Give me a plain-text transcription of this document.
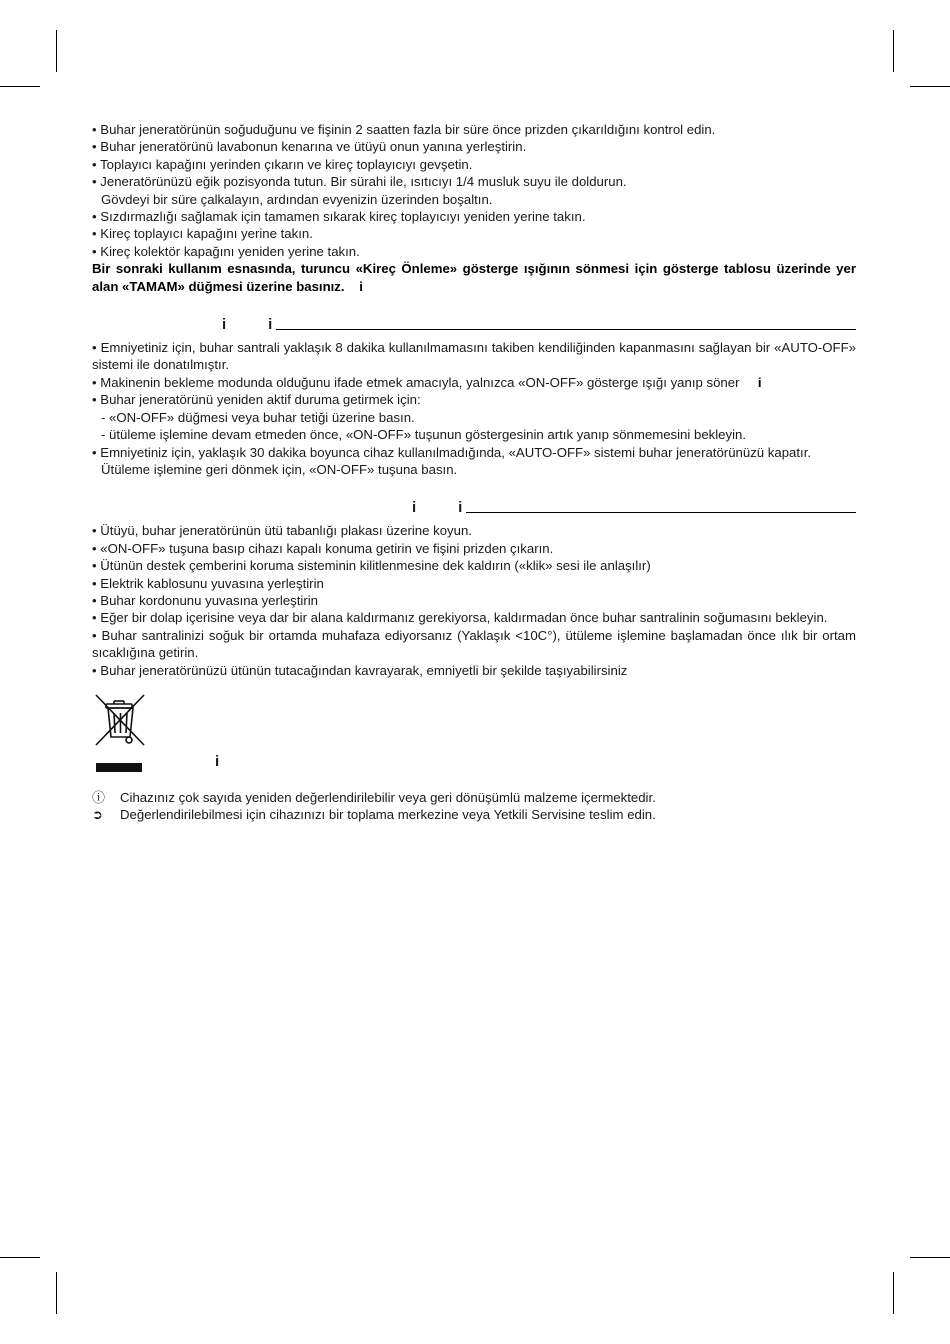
• Buhar jeneratörünün soğuduğunu ve fişinin 2 saatten fazla bir süre önce prizden çıkarıldığını kontrol edin.

• Buhar jeneratörünü lavabonun kenarına ve ütüyü onun yanına yerleştirin.

• Toplayıcı kapağını yerinden çıkarın ve kireç toplayıcıyı gevşetin.

• Jeneratörünüzü eğik pozisyonda tutun. Bir sürahi ile, ısıtıcıyı 1/4 musluk suyu ile doldurun.

Gövdeyi bir süre çalkalayın, ardından evyenizin üzerinden boşaltın.

• Sızdırmazlığı sağlamak için tamamen sıkarak kireç toplayıcıyı yeniden yerine takın.

• Kireç toplayıcı kapağını yerine takın.

• Kireç kolektör kapağını yeniden yerine takın.

Bir sonraki kullanım esnasında, turuncu «Kireç Önleme» gösterge ışığının sönmesi için gösterge tablosu üzerinde yer alan «TAMAM» düğmesi üzerine basınız. i

i	i

• Emniyetiniz için, buhar santrali yaklaşık 8 dakika kullanılmamasını takiben kendiliğinden kapanmasını sağlayan bir «AUTO-OFF» sistemi ile donatılmıştır.

• Makinenin bekleme modunda olduğunu ifade etmek amacıyla, yalnızca «ON-OFF» gösterge ışığı yanıp söner i

• Buhar jeneratörünü yeniden aktif duruma getirmek için:

- «ON-OFF» düğmesi veya buhar tetiği üzerine basın.

- ütüleme işlemine devam etmeden önce, «ON-OFF» tuşunun göstergesinin artık yanıp sönmemesini bekleyin.

• Emniyetiniz için, yaklaşık 30 dakika boyunca cihaz kullanılmadığında, «AUTO-OFF» sistemi buhar jeneratörünüzü kapatır.

Ütüleme işlemine geri dönmek için, «ON-OFF» tuşuna basın.

i	i

• Ütüyü, buhar jeneratörünün ütü tabanlığı plakası üzerine koyun.

• «ON-OFF» tuşuna basıp cihazı kapalı konuma getirin ve fişini prizden çıkarın.

• Ütünün destek çemberini koruma sisteminin kilitlenmesine dek kaldırın («klik» sesi ile anlaşılır)

• Elektrik kablosunu yuvasına yerleştirin

• Buhar kordonunu yuvasına yerleştirin

• Eğer bir dolap içerisine veya dar bir alana kaldırmanız gerekiyorsa, kaldırmadan önce buhar santralinin soğumasını bekleyin.

• Buhar santralinizi soğuk bir ortamda muhafaza ediyorsanız (Yaklaşık <10C°), ütüleme işlemine başlamadan önce ılık bir ortam sıcaklığına getirin.

• Buhar jeneratörünüzü ütünün tutacağından kavrayarak, emniyetli bir şekilde taşıyabilirsiniz

i
ⓘ	Cihazınız çok sayıda yeniden değerlendirilebilir veya geri dönüşümlü malzeme içermektedir.
➲	Değerlendirilebilmesi için cihazınızı bir toplama merkezine veya Yetkili Servisine teslim edin.
